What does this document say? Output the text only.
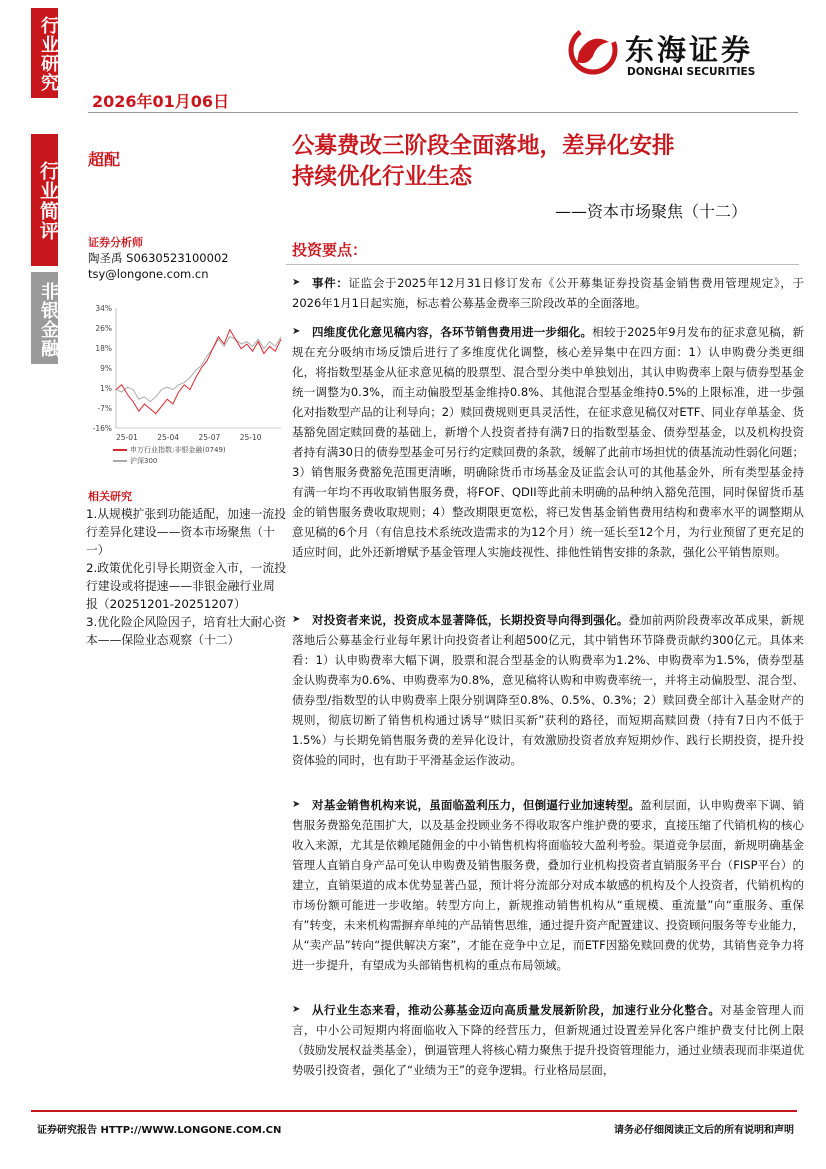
行业研究
行业简评
非银金融
2026年01月06日
东海证券
DONGHAI SECURITIES
超配
证券分析师
陶圣禹 S0630523100002
tsy@longone.com.cn
34%
26%
18%
9%
1%
-7%
-16%
25-01	25-04	25-07	25-10
申万行业指数:非银金融(0749)
沪深300
相关研究
1.从规模扩张到功能适配，加速一流投行差异化建设——资本市场聚焦（十一）
2.政策优化引导长期资金入市，一流投行建设或将提速——非银金融行业周报（20251201-20251207）
3.优化险企风险因子，培育壮大耐心资本——保险业态观察（十二）
公募费改三阶段全面落地，差异化安排
持续优化行业生态
——资本市场聚焦（十二）
投资要点：
事件：证监会于2025年12月31日修订发布《公开募集证券投资基金销售费用管理规定》，于2026年1月1日起实施，标志着公募基金费率三阶段改革的全面落地。
四维度优化意见稿内容，各环节销售费用进一步细化。相较于2025年9月发布的征求意见稿，新规在充分吸纳市场反馈后进行了多维度优化调整，核心差异集中在四方面：1）认申购费分类更细化，将指数型基金从征求意见稿的股票型、混合型分类中单独划出，其认申购费率上限与债券型基金统一调整为0.3%，而主动偏股型基金维持0.8%、其他混合型基金维持0.5%的上限标准，进一步强化对指数型产品的让利导向；2）赎回费规则更具灵活性，在征求意见稿仅对ETF、同业存单基金、货基豁免固定赎回费的基础上，新增个人投资者持有满7日的指数型基金、债券型基金，以及机构投资者持有满30日的债券型基金可另行约定赎回费的条款，缓解了此前市场担忧的债基流动性弱化问题；3）销售服务费豁免范围更清晰，明确除货币市场基金及证监会认可的其他基金外，所有类型基金持有满一年均不再收取销售服务费，将FOF、QDII等此前未明确的品种纳入豁免范围，同时保留货币基金的销售服务费收取规则；4）整改期限更宽松，将已发售基金销售费用结构和费率水平的调整期从意见稿的6个月（有信息技术系统改造需求的为12个月）统一延长至12个月，为行业预留了更充足的适应时间，此外还新增赋予基金管理人实施歧视性、排他性销售安排的条款，强化公平销售原则。
对投资者来说，投资成本显著降低，长期投资导向得到强化。叠加前两阶段费率改革成果，新规落地后公募基金行业每年累计向投资者让利超500亿元，其中销售环节降费贡献约300亿元。具体来看：1）认申购费率大幅下调，股票和混合型基金的认购费率为1.2%、申购费率为1.5%，债券型基金认购费率为0.6%、申购费率为0.8%，意见稿将认购和申购费率统一，并将主动偏股型、混合型、债券型/指数型的认申购费率上限分别调降至0.8%、0.5%、0.3%；2）赎回费全部计入基金财产的规则，彻底切断了销售机构通过诱导“赎旧买新”获利的路径，而短期高赎回费（持有7日内不低于1.5%）与长期免销售服务费的差异化设计，有效激励投资者放弃短期炒作、践行长期投资，提升投资体验的同时，也有助于平滑基金运作波动。
对基金销售机构来说，虽面临盈利压力，但倒逼行业加速转型。盈利层面，认申购费率下调、销售服务费豁免范围扩大，以及基金投顾业务不得收取客户维护费的要求，直接压缩了代销机构的核心收入来源，尤其是依赖尾随佣金的中小销售机构将面临较大盈利考验。渠道竞争层面，新规明确基金管理人直销自身产品可免认申购费及销售服务费，叠加行业机构投资者直销服务平台（FISP平台）的建立，直销渠道的成本优势显著凸显，预计将分流部分对成本敏感的机构及个人投资者，代销机构的市场份额可能进一步收缩。转型方向上，新规推动销售机构从“重规模、重流量”向“重服务、重保有”转变，未来机构需摒弃单纯的产品销售思维，通过提升资产配置建议、投资顾问服务等专业能力，从“卖产品”转向“提供解决方案”，才能在竞争中立足，而ETF因豁免赎回费的优势，其销售竞争力将进一步提升，有望成为头部销售机构的重点布局领域。
从行业生态来看，推动公募基金迈向高质量发展新阶段，加速行业分化整合。对基金管理人而言，中小公司短期内将面临收入下降的经营压力，但新规通过设置差异化客户维护费支付比例上限（鼓励发展权益类基金），倒逼管理人将核心精力聚焦于提升投资管理能力，通过业绩表现而非渠道优势吸引投资者，强化了“业绩为王”的竞争逻辑。行业格局层面，
➤
➤
➤
➤
➤
证券研究报告 HTTP://WWW.LONGONE.COM.CN	请务必仔细阅读正文后的所有说明和声明
